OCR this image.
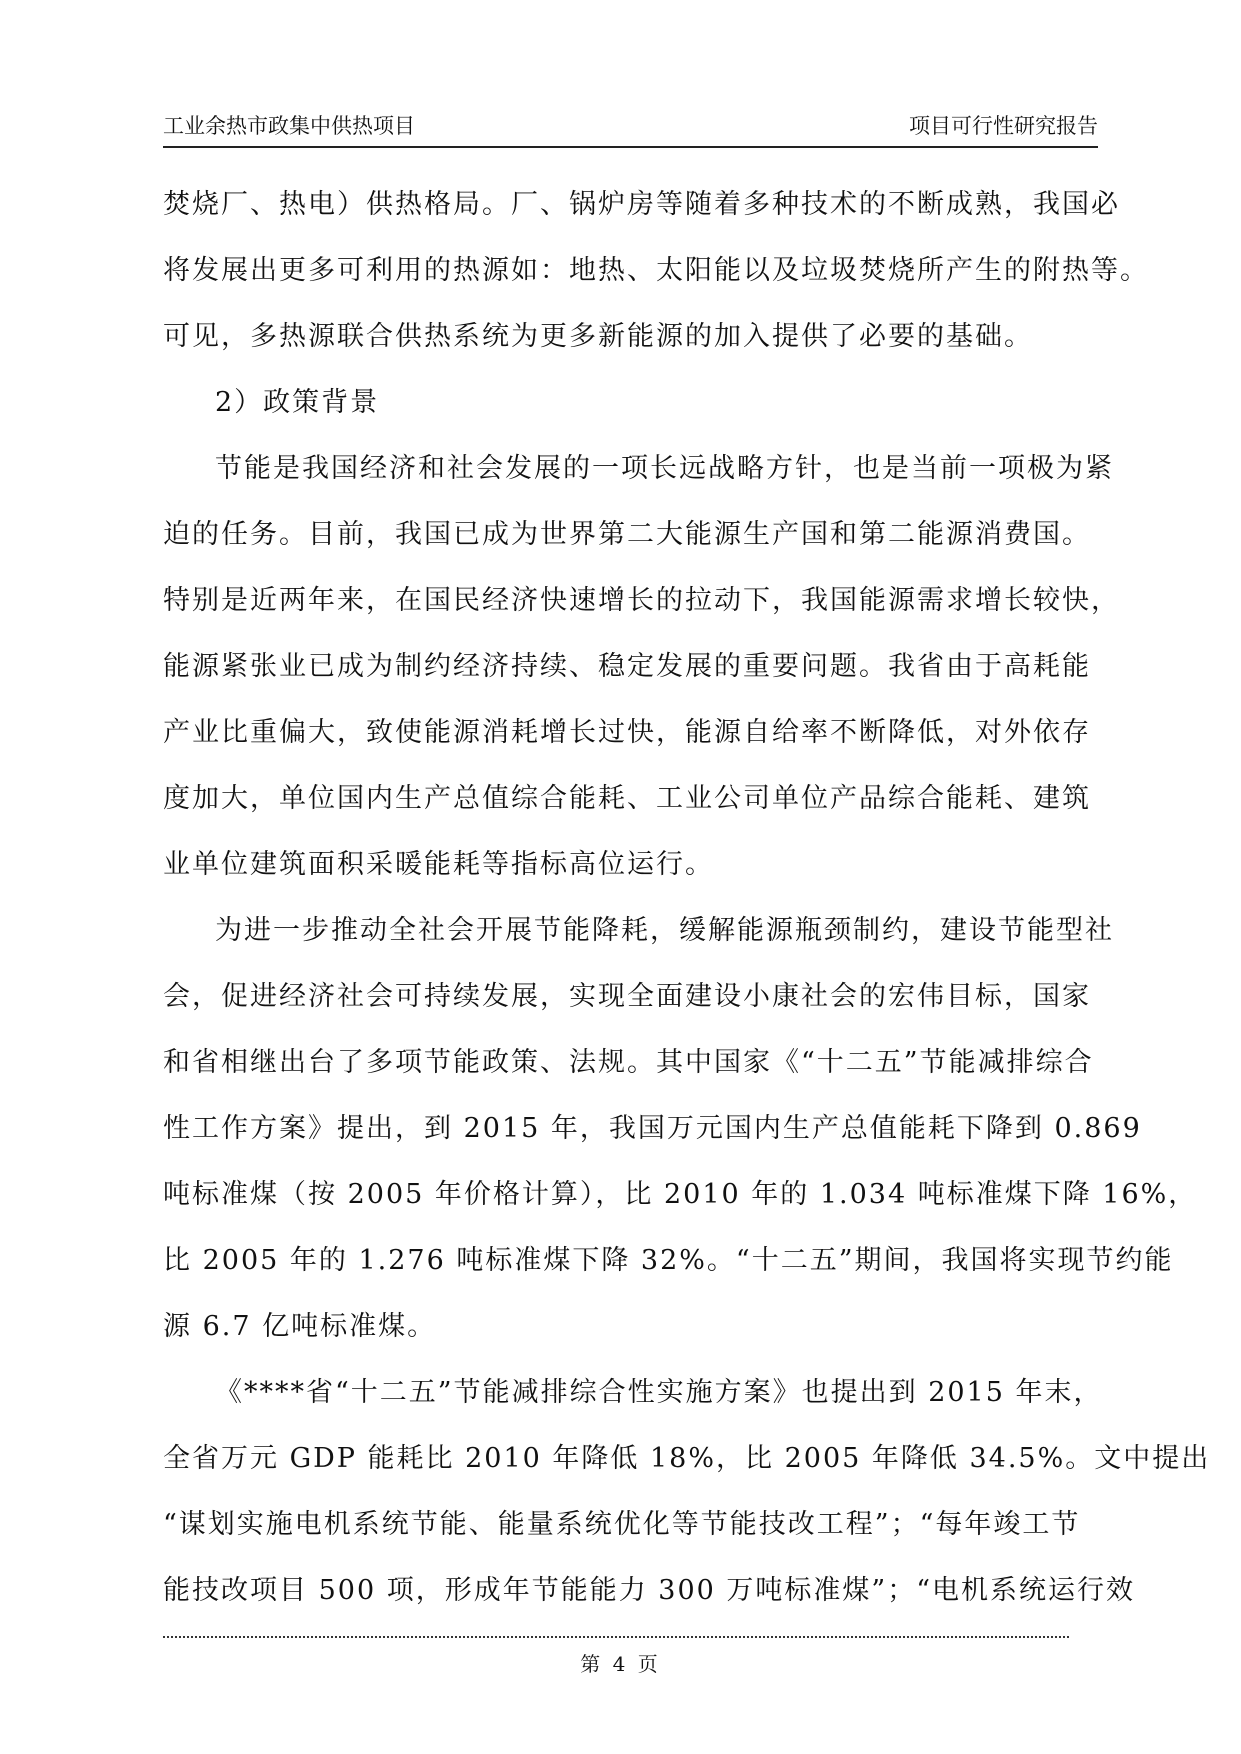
工业余热市政集中供热项目	项目可行性研究报告
焚烧厂、热电）供热格局。厂、锅炉房等随着多种技术的不断成熟，我国必
将发展出更多可利用的热源如：地热、太阳能以及垃圾焚烧所产生的附热等。
可见，多热源联合供热系统为更多新能源的加入提供了必要的基础。
2）政策背景
节能是我国经济和社会发展的一项长远战略方针，也是当前一项极为紧
迫的任务。目前，我国已成为世界第二大能源生产国和第二能源消费国。
特别是近两年来，在国民经济快速增长的拉动下，我国能源需求增长较快，
能源紧张业已成为制约经济持续、稳定发展的重要问题。我省由于高耗能
产业比重偏大，致使能源消耗增长过快，能源自给率不断降低，对外依存
度加大，单位国内生产总值综合能耗、工业公司单位产品综合能耗、建筑
业单位建筑面积采暖能耗等指标高位运行。
为进一步推动全社会开展节能降耗，缓解能源瓶颈制约，建设节能型社
会，促进经济社会可持续发展，实现全面建设小康社会的宏伟目标，国家
和省相继出台了多项节能政策、法规。其中国家《“十二五”节能减排综合
性工作方案》提出，到 2015 年，我国万元国内生产总值能耗下降到 0.869
吨标准煤（按 2005 年价格计算），比 2010 年的 1.034 吨标准煤下降 16%，
比 2005 年的 1.276 吨标准煤下降 32%。“十二五”期间，我国将实现节约能
源 6.7 亿吨标准煤。
《****省“十二五”节能减排综合性实施方案》也提出到 2015 年末，
全省万元 GDP 能耗比 2010 年降低 18%，比 2005 年降低 34.5%。文中提出
“谋划实施电机系统节能、能量系统优化等节能技改工程”；“每年竣工节
能技改项目 500 项，形成年节能能力 300 万吨标准煤”；“电机系统运行效
第 4 页
